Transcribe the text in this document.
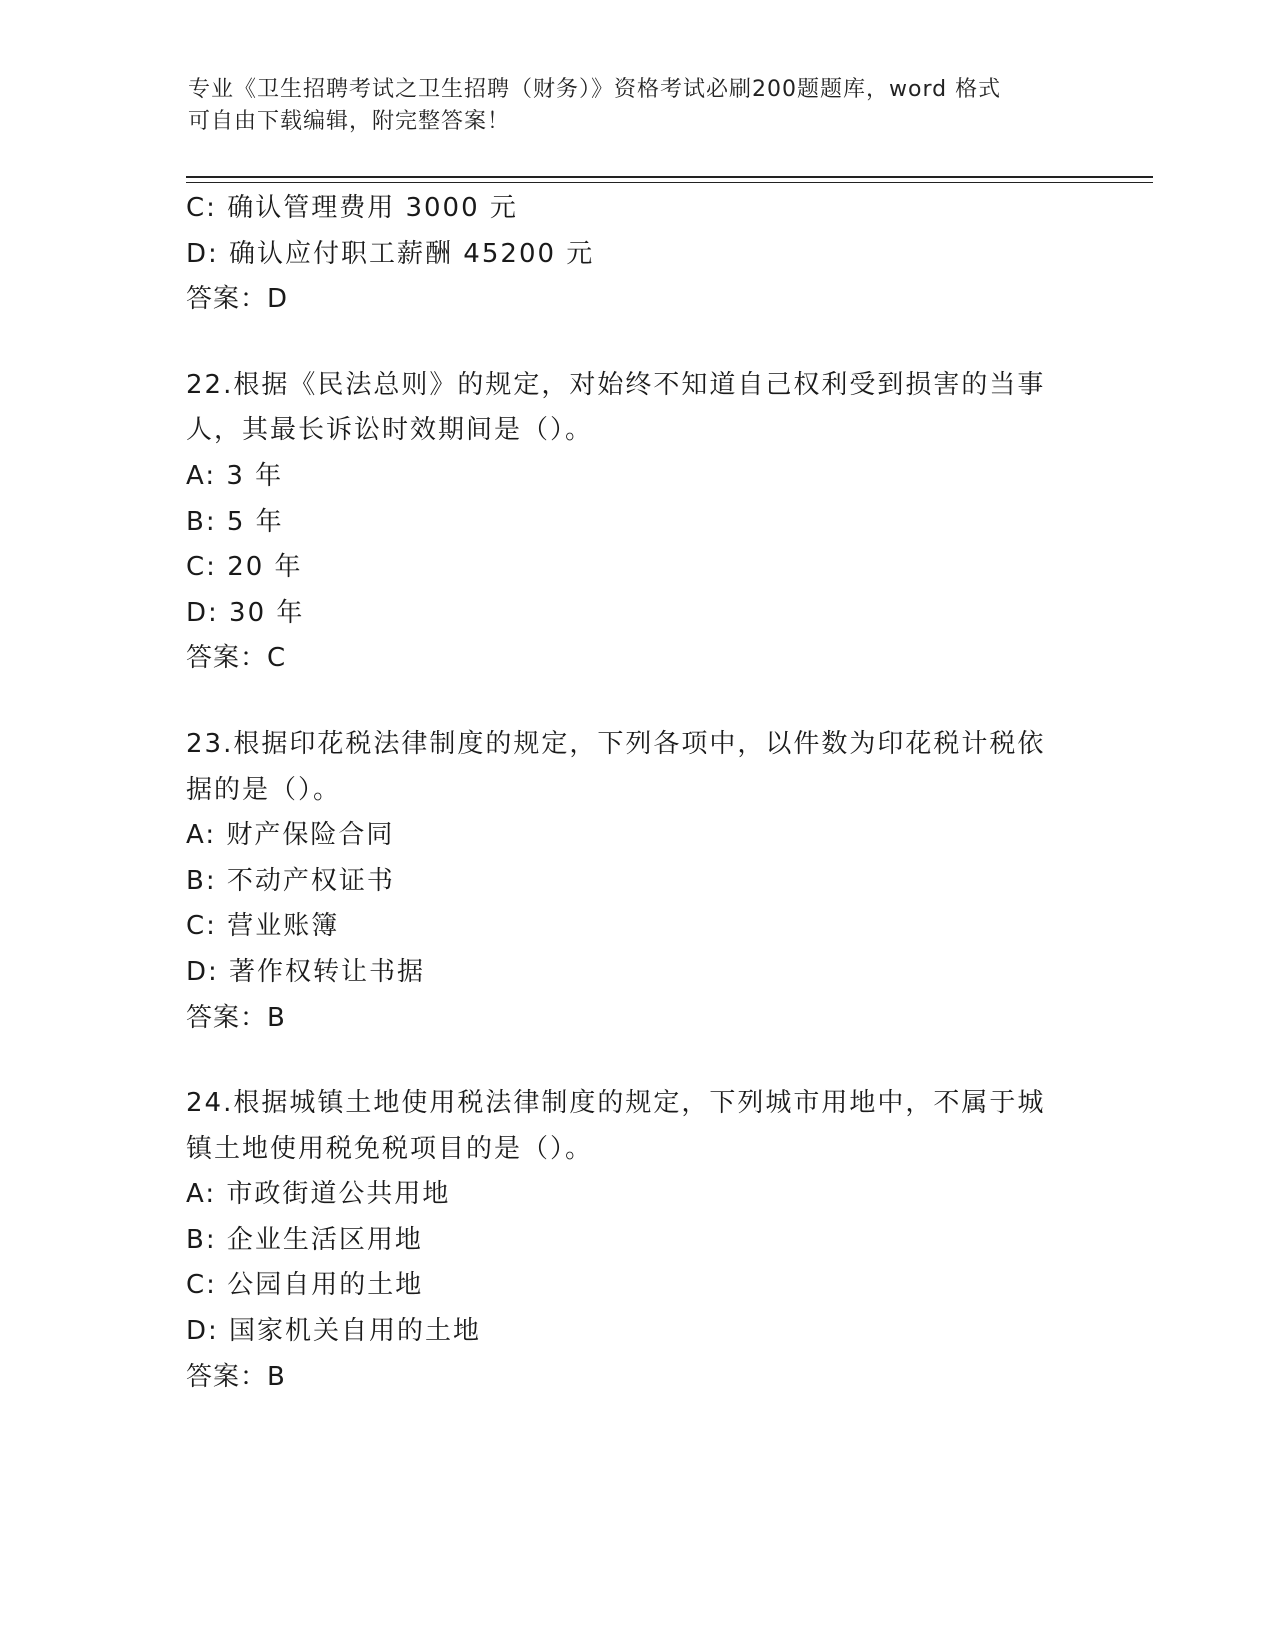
专业《卫生招聘考试之卫生招聘（财务）》资格考试必刷200题题库，word 格式
可自由下载编辑，附完整答案！
C: 确认管理费用 3000 元
D: 确认应付职工薪酬 45200 元
答案：D
22.根据《民法总则》的规定，对始终不知道自己权利受到损害的当事
人，其最长诉讼时效期间是（）。
A: 3 年
B: 5 年
C: 20 年
D: 30 年
答案：C
23.根据印花税法律制度的规定，下列各项中，以件数为印花税计税依
据的是（）。
A: 财产保险合同
B: 不动产权证书
C: 营业账簿
D: 著作权转让书据
答案：B
24.根据城镇土地使用税法律制度的规定，下列城市用地中，不属于城
镇土地使用税免税项目的是（）。
A: 市政街道公共用地
B: 企业生活区用地
C: 公园自用的土地
D: 国家机关自用的土地
答案：B
